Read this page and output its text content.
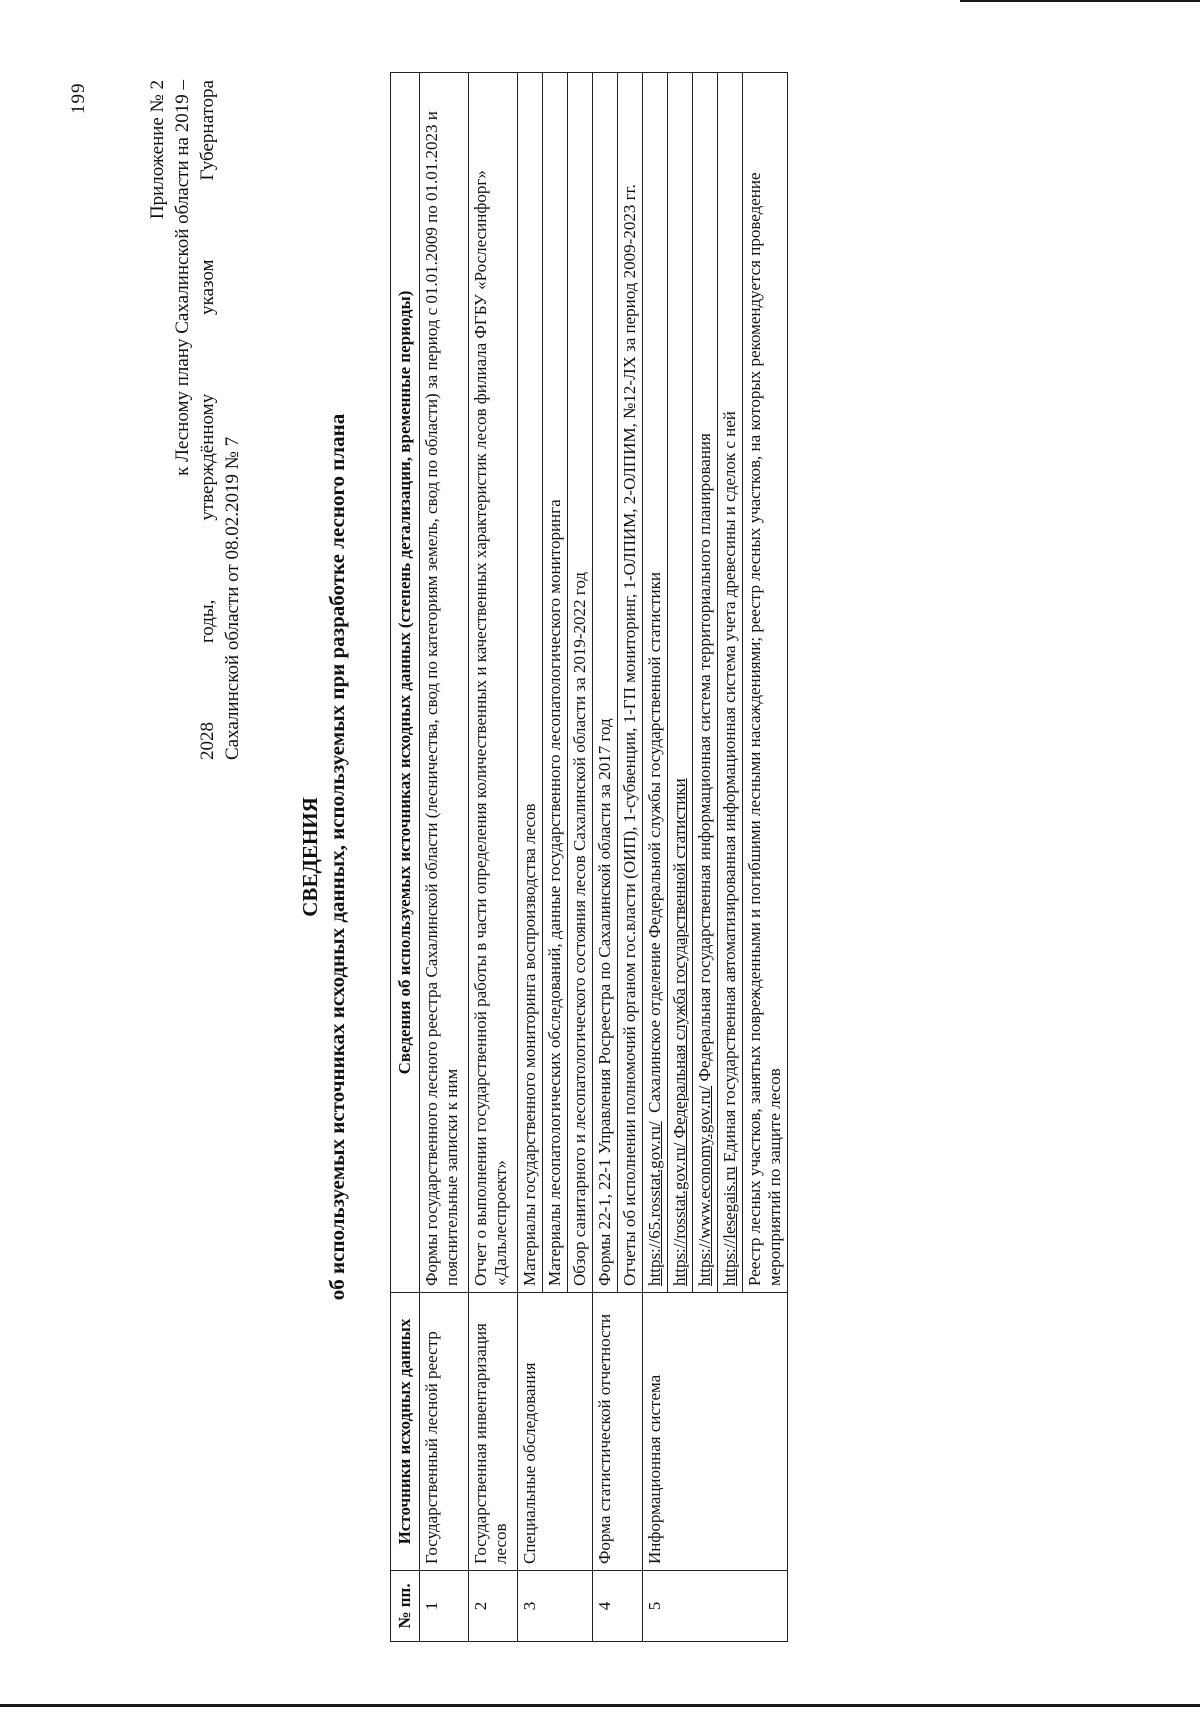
199	Приложение № 2 к Лесному плану Сахалинской области на 2019 – 2028 годы, утверждённому указом Губернатора Сахалинской области от 08.02.2019 № 7
СВЕДЕНИЯ об используемых источниках исходных данных, используемых при разработке лесного плана
№ пп.	Источники исходных данных	Сведения об используемых источниках исходных данных (степень детализации, временные периоды)
1	Государственный лесной реестр	Формы государственного лесного реестра Сахалинской области (лесничества, свод по категориям земель, свод по области) за период с 01.01.2009 по 01.01.2023 и пояснительные записки к ним
2	Государственная инвентаризация лесов	Отчет о выполнении государственной работы в части определения количественных и качественных характеристик лесов филиала ФГБУ «Рослесинфорг» «Дальлеспроект»
3	Специальные обследования	Материалы государственного мониторинга воспроизводства лесов
		Материалы лесопатологических обследований, данные государственного лесопатологического мониторинга
		Обзор санитарного и лесопатологического состояния лесов Сахалинской области за 2019-2022 год
4	Форма статистической отчетности	Формы 22-1, 22-1 Управления Росреестра по Сахалинской области за 2017 год
		Отчеты об исполнении полномочий органом гос.власти (ОИП), 1-субвенции, 1-ГП мониторинг, 1-ОЛПИМ, 2-ОЛПИМ, №12-ЛХ за период 2009-2023 гг.
5	Информационная система	https://65.rosstat.gov.ru/  Сахалинское отделение Федеральной службы государственной статистики
		https://rosstat.gov.ru/ Федеральная служба государственной статистики
		https://www.economy.gov.ru/ Федеральная государственная информационная система территориального планирования
		https://lesegais.ru Единая государственная автоматизированная информационная система учета древесины и сделок с ней
		Реестр лесных участков, занятых поврежденными и погибшими лесными насаждениями; реестр лесных участков, на которых рекомендуется проведение мероприятий по защите лесов
